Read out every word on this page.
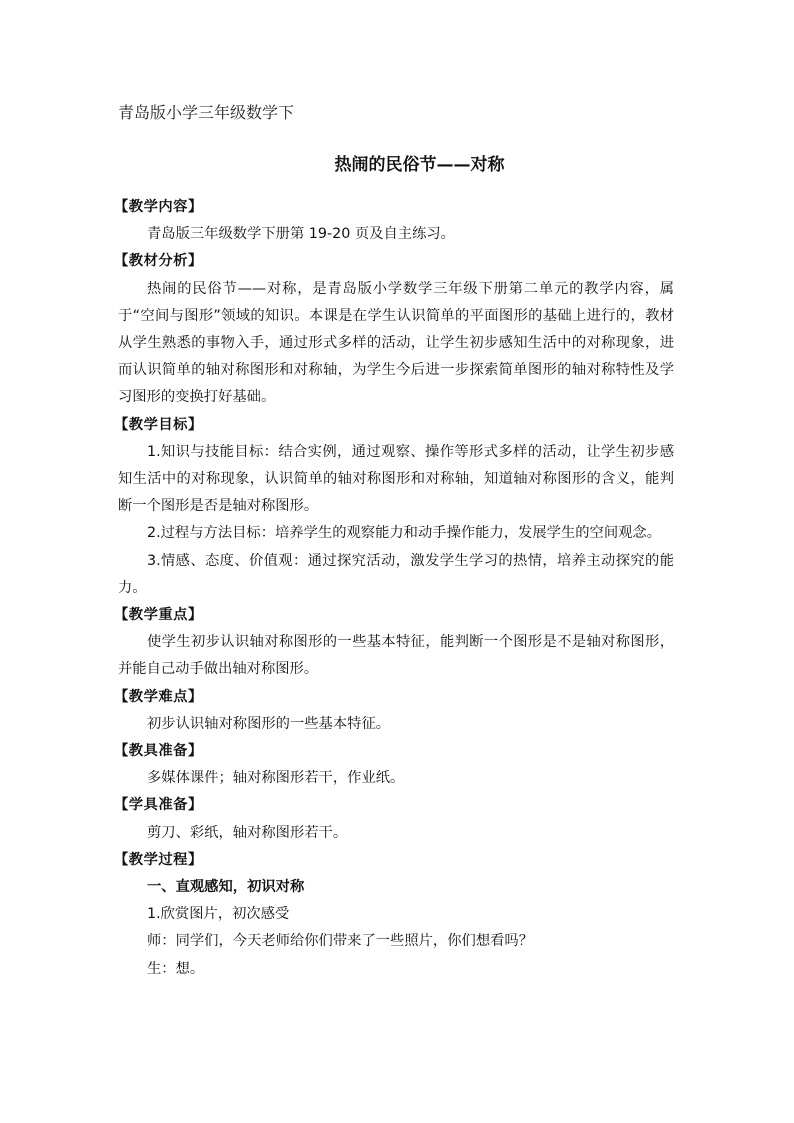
青岛版小学三年级数学下
热闹的民俗节——对称
【教学内容】
青岛版三年级数学下册第 19-20 页及自主练习。
【教材分析】
热闹的民俗节——对称，是青岛版小学数学三年级下册第二单元的教学内容，属于“空间与图形”领域的知识。本课是在学生认识简单的平面图形的基础上进行的，教材从学生熟悉的事物入手，通过形式多样的活动，让学生初步感知生活中的对称现象，进而认识简单的轴对称图形和对称轴，为学生今后进一步探索简单图形的轴对称特性及学习图形的变换打好基础。
【教学目标】
1.知识与技能目标：结合实例，通过观察、操作等形式多样的活动，让学生初步感知生活中的对称现象，认识简单的轴对称图形和对称轴，知道轴对称图形的含义，能判断一个图形是否是轴对称图形。
2.过程与方法目标：培养学生的观察能力和动手操作能力，发展学生的空间观念。
3.情感、态度、价值观：通过探究活动，激发学生学习的热情，培养主动探究的能力。
【教学重点】
使学生初步认识轴对称图形的一些基本特征，能判断一个图形是不是轴对称图形，并能自己动手做出轴对称图形。
【教学难点】
初步认识轴对称图形的一些基本特征。
【教具准备】
多媒体课件；轴对称图形若干，作业纸。
【学具准备】
剪刀、彩纸，轴对称图形若干。
【教学过程】
一、直观感知，初识对称
1.欣赏图片，初次感受
师：同学们，今天老师给你们带来了一些照片，你们想看吗？
生：想。
